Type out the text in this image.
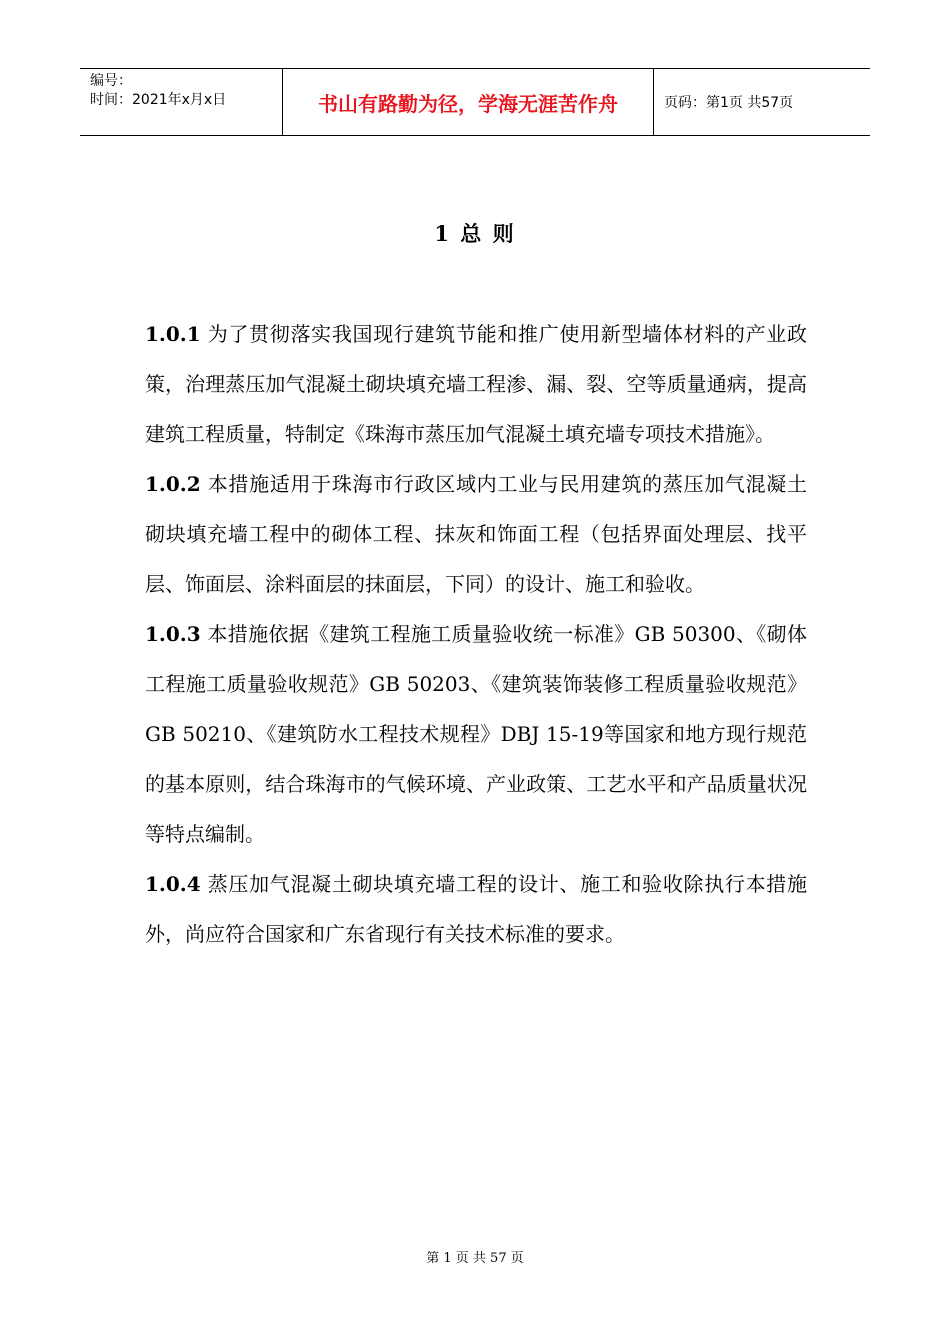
编号：
时间：2021年x月x日	书山有路勤为径，学海无涯苦作舟	页码：第1页 共57页
1 总 则

1.0.1 为了贯彻落实我国现行建筑节能和推广使用新型墙体材料的产业政策，治理蒸压加气混凝土砌块填充墙工程渗、漏、裂、空等质量通病，提高建筑工程质量，特制定《珠海市蒸压加气混凝土填充墙专项技术措施》。

1.0.2 本措施适用于珠海市行政区域内工业与民用建筑的蒸压加气混凝土砌块填充墙工程中的砌体工程、抹灰和饰面工程（包括界面处理层、找平层、饰面层、涂料面层的抹面层，下同）的设计、施工和验收。

1.0.3 本措施依据《建筑工程施工质量验收统一标准》GB 50300、《砌体工程施工质量验收规范》GB 50203、《建筑装饰装修工程质量验收规范》GB 50210、《建筑防水工程技术规程》DBJ 15-19等国家和地方现行规范的基本原则，结合珠海市的气候环境、产业政策、工艺水平和产品质量状况等特点编制。

1.0.4 蒸压加气混凝土砌块填充墙工程的设计、施工和验收除执行本措施外，尚应符合国家和广东省现行有关技术标准的要求。

第 1 页 共 57 页
